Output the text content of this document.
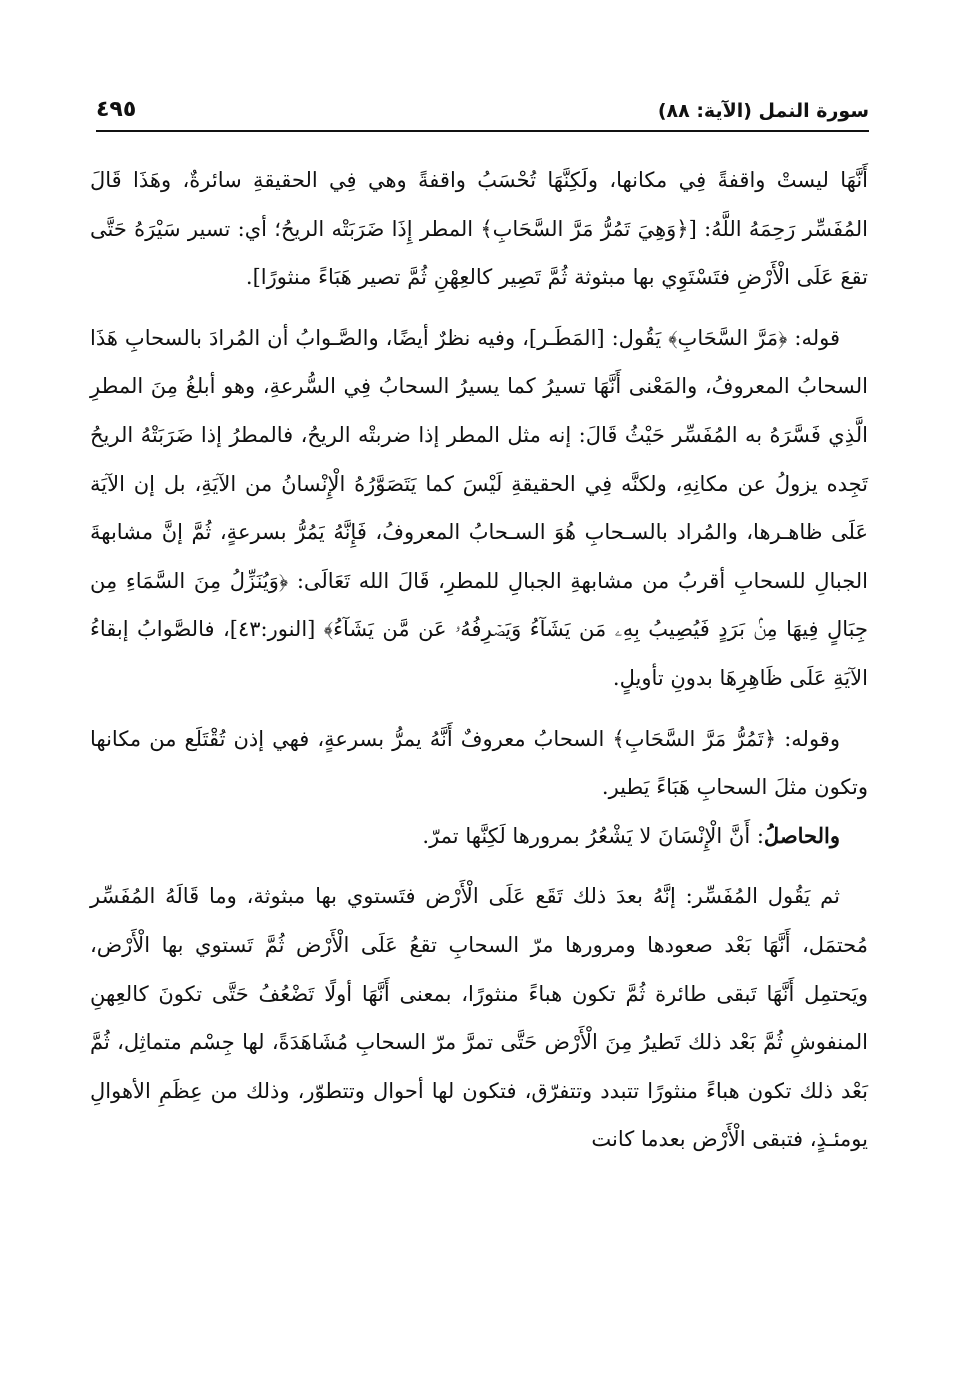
سورة النمل (الآية: ٨٨)
٤٩٥

أَنَّهَا ليستْ واقفةً فِي مكانها، ولَكِنَّهَا تُحْسَبُ واقفةً وهي فِي الحقيقةِ سائرةٌ، وهَذَا قَالَ المُفَسِّر رَحِمَهُ اللَّهُ: [﴿وَهِيَ تَمُرُّ مَرَّ السَّحَابِ﴾ المطر إِذَا ضَرَبَتْه الريحُ؛ أي: تسير سَيْرَهُ حَتَّى تقعَ عَلَى الْأَرْضِ فتَسْتَوِي بها مبثوثة ثُمَّ تَصِير كالعِهْنِ ثُمَّ تصير هَبَاءً منثورًا].

قوله: ﴿مَرَّ السَّحَابِ﴾ يَقُول: [المَطَـر]، وفيه نظرٌ أيضًا، والصَّـوابُ أن المُرادَ بالسحابِ هَذَا السحابُ المعروفُ، والمَعْنى أَنَّهَا تسيرُ كما يسيرُ السحابُ فِي السُّرعةِ، وهو أبلغُ مِنَ المطرِ الَّذِي فَسَّرَهُ به المُفَسِّر حَيْثُ قَالَ: إنه مثل المطر إذا ضربتْه الريحُ، فالمطرُ إذا ضَرَبَتْهُ الريحُ تَجِده يزولُ عن مكانِهِ، ولكنَّه فِي الحقيقةِ لَيْسَ كما يَتَصَوَّرُهُ الْإِنْسانُ من الآيَةِ، بل إن الآيَة عَلَى ظاهـرها، والمُراد بالسـحابِ هُوَ السـحابُ المعروفُ، فَإِنَّهُ يَمُرُّ بسرعةٍ، ثُمَّ إنَّ مشابهةَ الجبالِ للسحابِ أقربُ من مشابهةِ الجبالِ للمطرِ، قَالَ الله تَعَالَى: ﴿وَيُنَزِّلُ مِنَ السَّمَاءِ مِن جِبَالٍ فِيهَا مِنۢ بَرَدٍ فَيُصِيبُ بِهِۦ مَن يَشَآءُ وَيَصۡرِفُهُۥ عَن مَّن يَشَآءُ﴾ [النور:٤٣]، فالصَّوابُ إبقاءُ الآيَةِ عَلَى ظَاهِرِهَا بدونِ تأويلٍ.

وقوله: ﴿تَمُرُّ مَرَّ السَّحَابِ﴾ السحابُ معروفٌ أَنَّهُ يمرُّ بسرعةٍ، فهي إذن تُقْتَلَع من مكانها وتكون مثلَ السحابِ هَبَاءً يَطير.

والحاصلُ: أَنَّ الْإِنْسَانَ لا يَشْعُرُ بمرورها لَكِنَّها تمرّ.

ثم يَقُول المُفَسِّر: إنَّهُ بعدَ ذلك تَقَع عَلَى الْأَرْض فتَستوي بها مبثوثة، وما قَالَهُ المُفَسِّر مُحتمَل، أَنَّهَا بَعْد صعودها ومرورها مرّ السحابِ تقعُ عَلَى الْأَرْض ثُمَّ تَستوي بها الْأَرْض، ويَحتمِل أَنَّهَا تَبقى طائرة ثُمَّ تكون هباءً منثورًا، بمعنى أَنَّهَا أولًا تَضْعُفُ حَتَّى تكونَ كالعِهنِ المنفوشِ ثُمَّ بَعْد ذلك تَطيرُ مِنَ الْأَرْض حَتَّى تمرَّ مرّ السحابِ مُشَاهَدَةً، لها جِسْم متماثِل، ثُمَّ بَعْد ذلك تكون هباءً منثورًا تتبدد وتتفرّق، فتكون لها أحوال وتتطوّر، وذلك من عِظَمِ الأهوالِ يومئـذٍ، فتبقى الْأَرْض بعدما كانت
